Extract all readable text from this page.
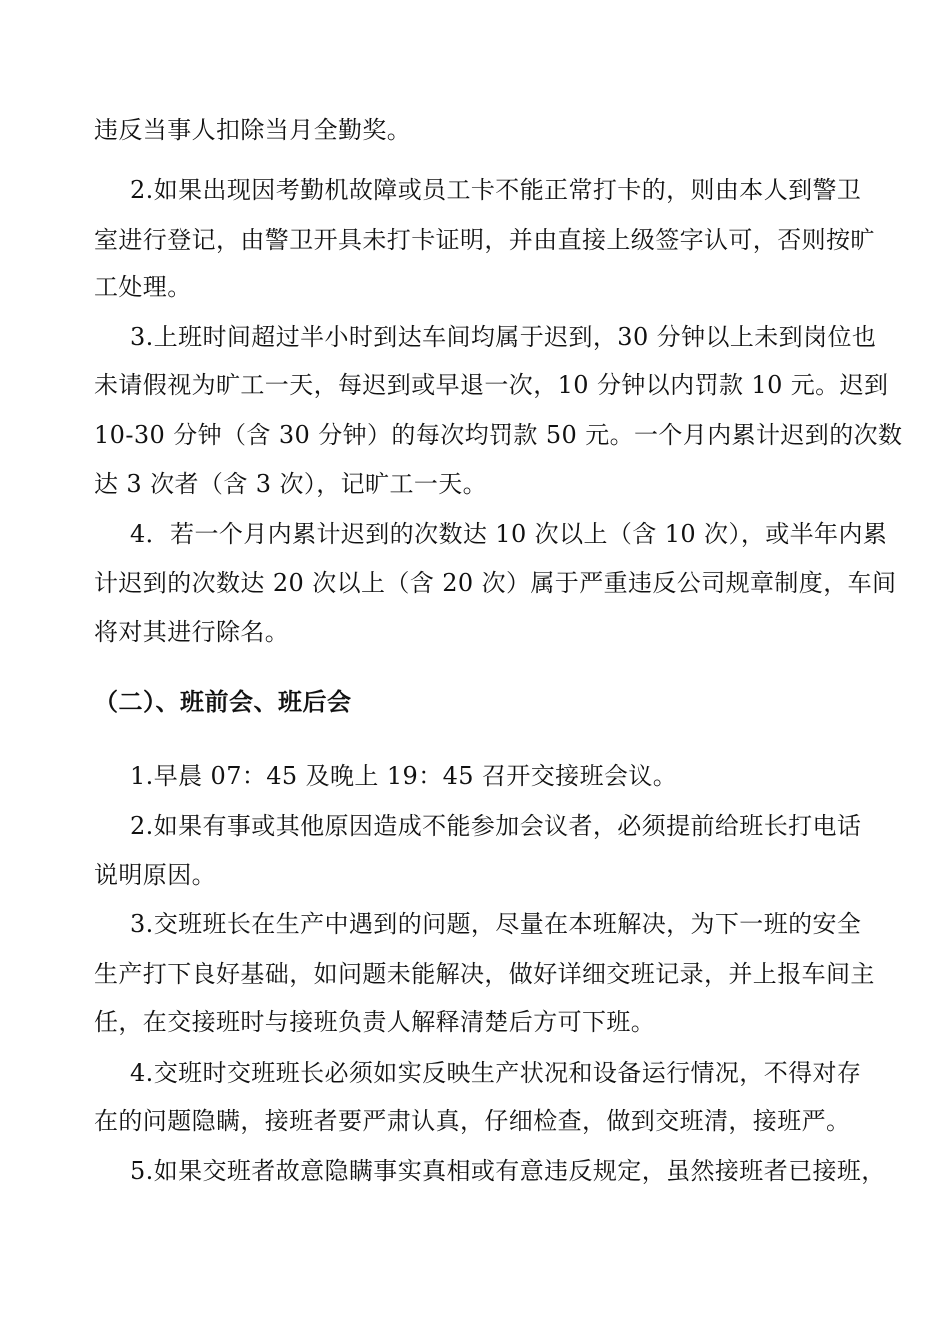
违反当事人扣除当月全勤奖。
2.如果出现因考勤机故障或员工卡不能正常打卡的，则由本人到警卫
室进行登记，由警卫开具未打卡证明，并由直接上级签字认可，否则按旷
工处理。
3.上班时间超过半小时到达车间均属于迟到，30 分钟以上未到岗位也
未请假视为旷工一天，每迟到或早退一次，10 分钟以内罚款 10 元。迟到
10-30 分钟（含 30 分钟）的每次均罚款 50 元。一个月内累计迟到的次数
达 3 次者（含 3 次），记旷工一天。
4．若一个月内累计迟到的次数达 10 次以上（含 10 次），或半年内累
计迟到的次数达 20 次以上（含 20 次）属于严重违反公司规章制度，车间
将对其进行除名。
（二）、班前会、班后会
1.早晨 07：45 及晚上 19：45 召开交接班会议。
2.如果有事或其他原因造成不能参加会议者，必须提前给班长打电话
说明原因。
3.交班班长在生产中遇到的问题，尽量在本班解决，为下一班的安全
生产打下良好基础，如问题未能解决，做好详细交班记录，并上报车间主
任，在交接班时与接班负责人解释清楚后方可下班。
4.交班时交班班长必须如实反映生产状况和设备运行情况，不得对存
在的问题隐瞒，接班者要严肃认真，仔细检查，做到交班清，接班严。
5.如果交班者故意隐瞒事实真相或有意违反规定，虽然接班者已接班，
